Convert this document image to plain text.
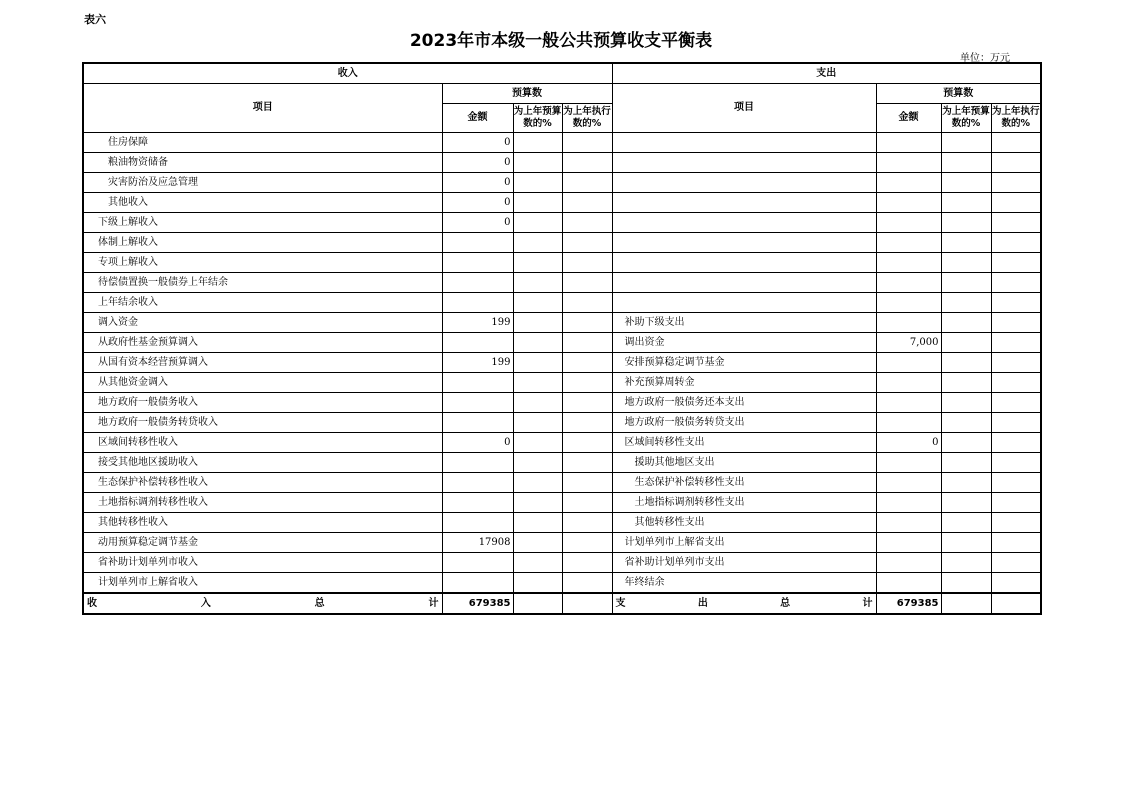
表六
2023年市本级一般公共预算收支平衡表
单位：万元
收入				支出			
项目	预算数			项目	预算数		
	金额	为上年预算数的%	为上年执行数的%		金额	为上年预算数的%	为上年执行数的%
住房保障	0						
粮油物资储备	0						
灾害防治及应急管理	0						
其他收入	0						
下级上解收入	0						
体制上解收入							
专项上解收入							
待偿债置换一般债券上年结余							
上年结余收入							
调入资金	199			补助下级支出			
从政府性基金预算调入				调出资金	7,000		
从国有资本经营预算调入	199			安排预算稳定调节基金			
从其他资金调入				补充预算周转金			
地方政府一般债务收入				地方政府一般债务还本支出			
地方政府一般债务转贷收入				地方政府一般债务转贷支出			
区域间转移性收入	0			区域间转移性支出	0		
接受其他地区援助收入				援助其他地区支出			
生态保护补偿转移性收入				生态保护补偿转移性支出			
土地指标调剂转移性收入				土地指标调剂转移性支出			
其他转移性收入				其他转移性支出			
动用预算稳定调节基金	17908			计划单列市上解省支出			
省补助计划单列市收入				省补助计划单列市支出			
计划单列市上解省收入				年终结余			

收 入 总 计	679385			支 出 总 计	679385		
